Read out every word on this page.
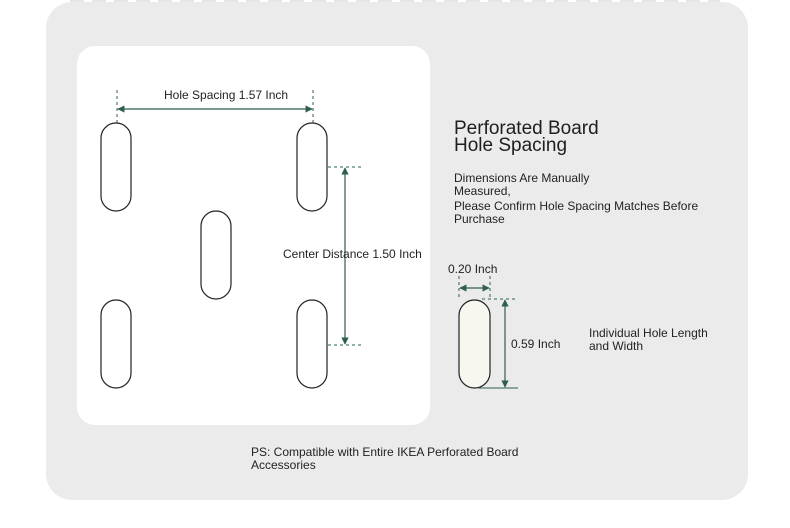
Hole Spacing 1.57 Inch
Center Distance 1.50 Inch
0.20 Inch
0.59 Inch
Individual Hole Length
and Width
Perforated Board
Hole Spacing
Dimensions Are Manually
Measured,
Please Confirm Hole Spacing Matches Before
Purchase
PS: Compatible with Entire IKEA Perforated Board
Accessories
